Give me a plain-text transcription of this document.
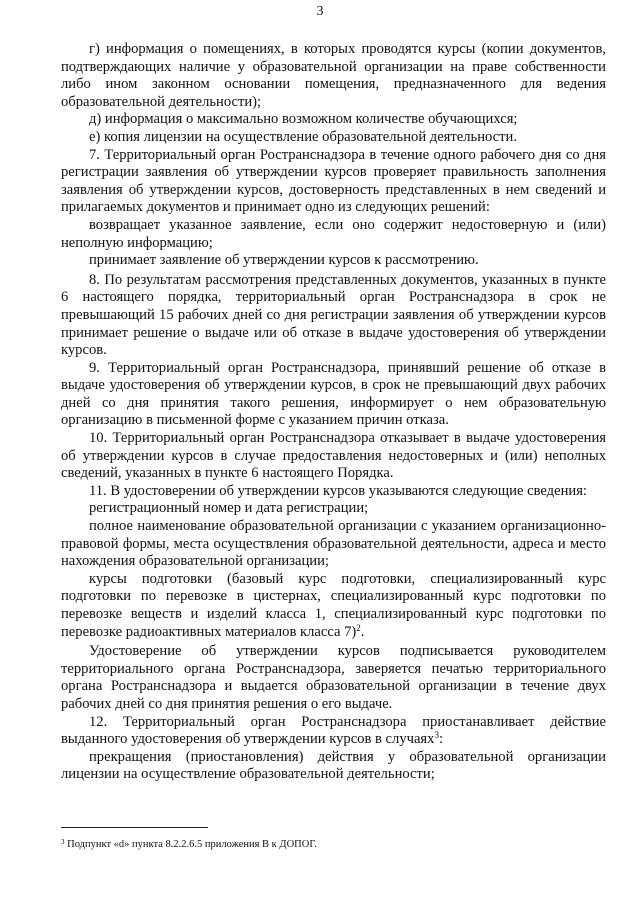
3

г) информация о помещениях, в которых проводятся курсы (копии документов, подтверждающих наличие у образовательной организации на праве собственности либо ином законном основании помещения, предназначенного для ведения образовательной деятельности);

д) информация о максимально возможном количестве обучающихся;

е) копия лицензии на осуществление образовательной деятельности.

7. Территориальный орган Ространснадзора в течение одного рабочего дня со дня регистрации заявления об утверждении курсов проверяет правильность заполнения заявления об утверждении курсов, достоверность представленных в нем сведений и прилагаемых документов и принимает одно из следующих решений:

возвращает указанное заявление, если оно содержит недостоверную и (или) неполную информацию;

принимает заявление об утверждении курсов к рассмотрению.

8. По результатам рассмотрения представленных документов, указанных в пункте 6 настоящего порядка, территориальный орган Ространснадзора в срок не превышающий 15 рабочих дней со дня регистрации заявления об утверждении курсов принимает решение о выдаче или об отказе в выдаче удостоверения об утверждении курсов.

9. Территориальный орган Ространснадзора, принявший решение об отказе в выдаче удостоверения об утверждении курсов, в срок не превышающий двух рабочих дней со дня принятия такого решения, информирует о нем образовательную организацию в письменной форме с указанием причин отказа.

10. Территориальный орган Ространснадзора отказывает в выдаче удостоверения об утверждении курсов в случае предоставления недостоверных и (или) неполных сведений, указанных в пункте 6 настоящего Порядка.

11. В удостоверении об утверждении курсов указываются следующие сведения:

регистрационный номер и дата регистрации;

полное наименование образовательной организации с указанием организационно-правовой формы, места осуществления образовательной деятельности, адреса и место нахождения образовательной организации;

курсы подготовки (базовый курс подготовки, специализированный курс подготовки по перевозке в цистернах, специализированный курс подготовки по перевозке веществ и изделий класса 1, специализированный курс подготовки по перевозке радиоактивных материалов класса 7)$^2$.

Удостоверение об утверждении курсов подписывается руководителем территориального органа Ространснадзора, заверяется печатью территориального органа Ространснадзора и выдается образовательной организации в течение двух рабочих дней со дня принятия решения о его выдаче.

12. Территориальный орган Ространснадзора приостанавливает действие выданного удостоверения об утверждении курсов в случаях$^3$:

прекращения (приостановления) действия у образовательной организации лицензии на осуществление образовательной деятельности;

$^3$ Подпункт «d» пункта 8.2.2.6.5 приложения B к ДОПОГ.
